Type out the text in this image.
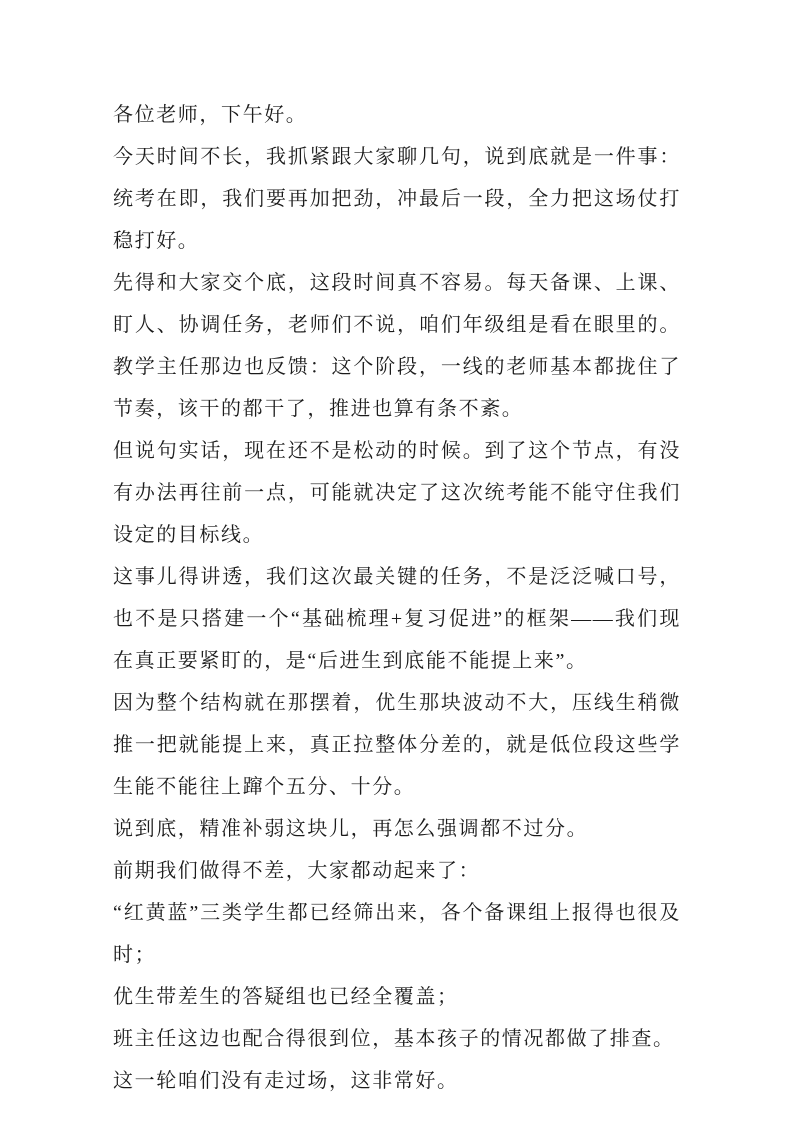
各位老师，下午好。

今天时间不长，我抓紧跟大家聊几句，说到底就是一件事：统考在即，我们要再加把劲，冲最后一段，全力把这场仗打稳打好。

先得和大家交个底，这段时间真不容易。每天备课、上课、盯人、协调任务，老师们不说，咱们年级组是看在眼里的。教学主任那边也反馈：这个阶段，一线的老师基本都拢住了节奏，该干的都干了，推进也算有条不紊。

但说句实话，现在还不是松动的时候。到了这个节点，有没有办法再往前一点，可能就决定了这次统考能不能守住我们设定的目标线。

这事儿得讲透，我们这次最关键的任务，不是泛泛喊口号，也不是只搭建一个“基础梳理+复习促进”的框架——我们现在真正要紧盯的，是“后进生到底能不能提上来”。

因为整个结构就在那摆着，优生那块波动不大，压线生稍微推一把就能提上来，真正拉整体分差的，就是低位段这些学生能不能往上蹿个五分、十分。

说到底，精准补弱这块儿，再怎么强调都不过分。

前期我们做得不差，大家都动起来了：

“红黄蓝”三类学生都已经筛出来，各个备课组上报得也很及时；

优生带差生的答疑组也已经全覆盖；

班主任这边也配合得很到位，基本孩子的情况都做了排查。

这一轮咱们没有走过场，这非常好。
